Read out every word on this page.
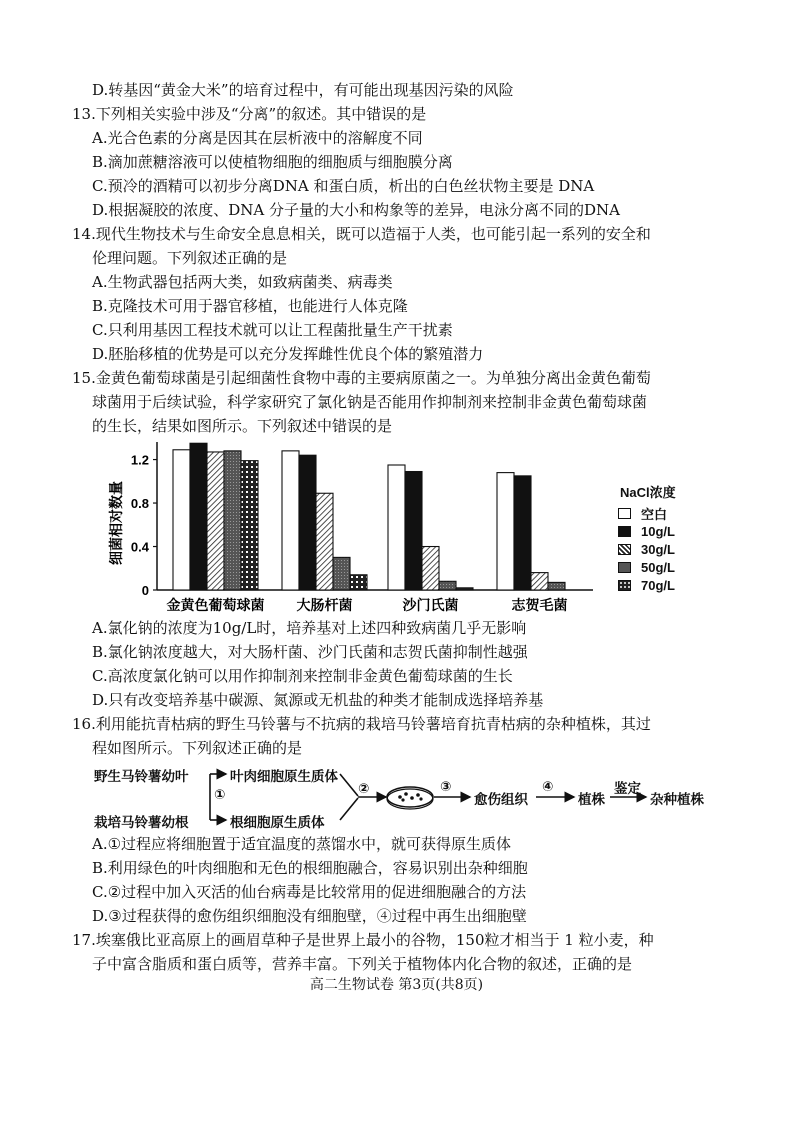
D.转基因“黄金大米”的培育过程中，有可能出现基因污染的风险
13.下列相关实验中涉及“分离”的叙述。其中错误的是
A.光合色素的分离是因其在层析液中的溶解度不同
B.滴加蔗糖溶液可以使植物细胞的细胞质与细胞膜分离
C.预冷的酒精可以初步分离DNA 和蛋白质，析出的白色丝状物主要是 DNA
D.根据凝胶的浓度、DNA 分子量的大小和构象等的差异，电泳分离不同的DNA
14.现代生物技术与生命安全息息相关，既可以造福于人类，也可能引起一系列的安全和
伦理问题。下列叙述正确的是
A.生物武器包括两大类，如致病菌类、病毒类
B.克隆技术可用于器官移植，也能进行人体克隆
C.只利用基因工程技术就可以让工程菌批量生产干扰素
D.胚胎移植的优势是可以充分发挥雌性优良个体的繁殖潜力
15.金黄色葡萄球菌是引起细菌性食物中毒的主要病原菌之一。为单独分离出金黄色葡萄
球菌用于后续试验，科学家研究了氯化钠是否能用作抑制剂来控制非金黄色葡萄球菌
的生长，结果如图所示。下列叙述中错误的是
A.氯化钠的浓度为10g/L时，培养基对上述四种致病菌几乎无影响
B.氯化钠浓度越大，对大肠杆菌、沙门氏菌和志贺氏菌抑制性越强
C.高浓度氯化钠可以用作抑制剂来控制非金黄色葡萄球菌的生长
D.只有改变培养基中碳源、氮源或无机盐的种类才能制成选择培养基
16.利用能抗青枯病的野生马铃薯与不抗病的栽培马铃薯培育抗青枯病的杂种植株，其过
程如图所示。下列叙述正确的是
A.①过程应将细胞置于适宜温度的蒸馏水中，就可获得原生质体
B.利用绿色的叶肉细胞和无色的根细胞融合，容易识别出杂种细胞
C.②过程中加入灭活的仙台病毒是比较常用的促进细胞融合的方法
D.③过程获得的愈伤组织细胞没有细胞壁，④过程中再生出细胞壁
17.埃塞俄比亚高原上的画眉草种子是世界上最小的谷物，150粒才相当于 1 粒小麦，种
子中富含脂质和蛋白质等，营养丰富。下列关于植物体内化合物的叙述，正确的是
1.2
0.8
0.4
0
细菌相对数量
金黄色葡萄球菌 大肠杆菌	沙门氏菌	志贺毛菌
NaCl浓度
空白
10g/L
30g/L
50g/L
70g/L
野生马铃薯幼叶	叶肉细胞原生质体
栽培马铃薯幼根	根细胞原生质体
①	②	③
愈伤组织
④
植株
鉴定
杂种植株
高二生物试卷 第3页(共8页)
